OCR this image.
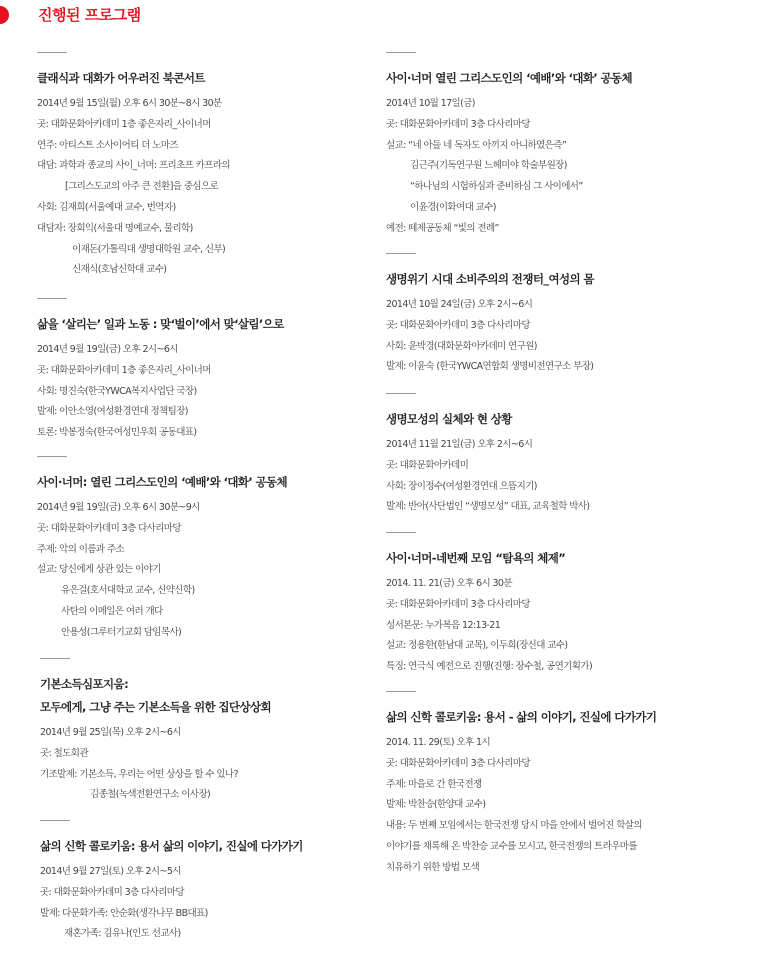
진행된 프로그램
클래식과 대화가 어우러진 북콘서트
2014년 9월 15일(월) 오후 6시 30분~8시 30분
곳: 대화문화아카데미 1층 좋은자리_사이너머
연주: 아티스트 소사이어티 더 노마즈
대담: 과학과 종교의 사이_너머: 프리초프 카프라의
[그리스도교의 아주 큰 전환]을 중심으로
사회: 김재희(서울예대 교수, 번역자)
대담자: 장회익(서울대 명예교수, 물리학)
이재돈(가톨릭대 생명대학원 교수, 신부)
신재식(호남신학대 교수)
삶을 ‘살리는’ 일과 노동 : 맞‘벌이’에서 맞‘살림’으로
2014년 9월 19일(금) 오후 2시~6시
곳: 대화문화아카데미 1층 좋은자리_사이너머
사회: 명진숙(한국YWCA복지사업단 국장)
발제: 이안소영(여성환경연대 정책팀장)
토론: 박봉정숙(한국여성민우회 공동대표)
사이·너머: 열린 그리스도인의 ‘예배’와 ‘대화’ 공동체
2014년 9월 19일(금) 오후 6시 30분~9시
곳: 대화문화아카데미 3층 다사리마당
주제: 악의 이름과 주소
설교: 당신에게 상관 있는 이야기
유은걸(호서대학교 교수, 신약신학)
사탄의 이메일은 여러 개다
안용성(그루터기교회 담임목사)
기본소득심포지움:
모두에게, 그냥 주는 기본소득을 위한 집단상상회
2014년 9월 25일(목) 오후 2시~6시
곳: 철도회관
기조발제: 기본소득, 우리는 어떤 상상을 할 수 있나?
김종철(녹색전환연구소 이사장)
삶의 신학 콜로키움: 용서 삶의 이야기, 진실에 다가가기
2014년 9월 27일(토) 오후 2시~5시
곳: 대화문화아카데미 3층 다사리마당
발제: 다문화가족: 안순화(생각나무 BB대표)
재혼가족: 김유나(인도 선교사)
사이·너머 열린 그리스도인의 ‘예배’와 ‘대화’ 공동체
2014년 10월 17일(금)
곳: 대화문화아카데미 3층 다사리마당
설교: “네 아들 네 독자도 아끼지 아니하였은즉”
김근주(기독연구원 느헤미야 학술부원장)
“하나님의 시험하심과 준비하심 그 사이에서”
이윤경(이화여대 교수)
예전: 떼제공동체 “빛의 전례”
생명위기 시대 소비주의의 전쟁터_여성의 몸
2014년 10월 24일(금) 오후 2시~6시
곳: 대화문화아카데미 3층 다사리마당
사회: 윤박경(대화문화아카데미 연구원)
발제: 이윤숙 (한국YWCA연합회 생명비전연구소 부장)
생명모성의 실체와 현 상황
2014년 11월 21일(금) 오후 2시~6시
곳: 대화문화아카데미
사회: 장이정수(여성환경연대 으뜸지기)
발제: 반아(사단법인 “생명모성” 대표, 교육철학 박사)
사이·너머-네번째 모임 “탐욕의 체제”
2014. 11. 21(금) 오후 6시 30분
곳: 대화문화아카데미 3층 다사리마당
성서본문: 누가복음 12:13-21
설교: 정용한(한남대 교목), 이두희(장신대 교수)
특징: 연극식 예전으로 진행(진행: 장수철, 공연기획가)
삶의 신학 콜로키움: 용서 - 삶의 이야기, 진실에 다가가기
2014. 11. 29(토) 오후 1시
곳: 대화문화아카데미 3층 다사리마당
주제: 마을로 간 한국전쟁
발제: 박찬승(한양대 교수)
내용: 두 번째 모임에서는 한국전쟁 당시 마을 안에서 벌어진 학살의
이야기를 채록해 온 박찬승 교수를 모시고, 한국전쟁의 트라우마를
치유하기 위한 방법 모색
